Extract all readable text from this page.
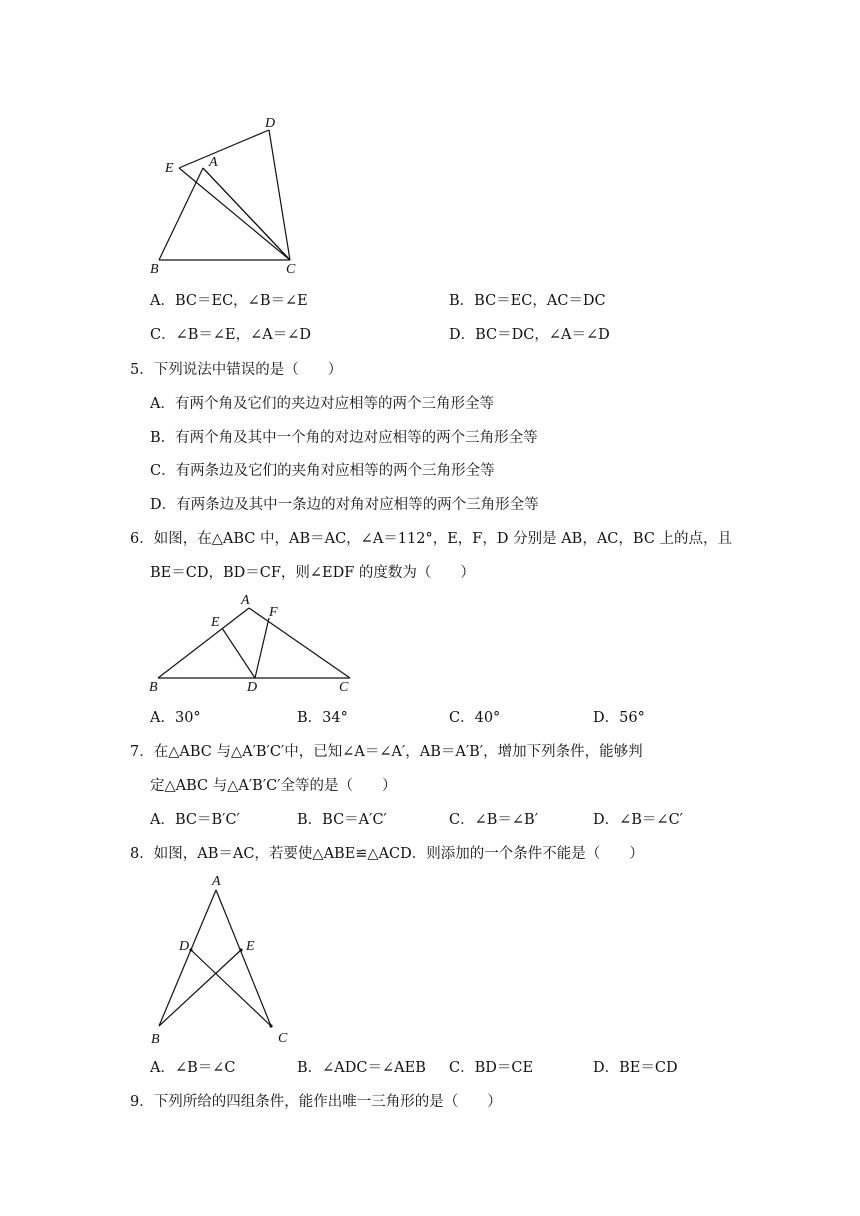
D
E	A
B	C
A．BC＝EC，∠B＝∠E	B．BC＝EC，AC＝DC
C．∠B＝∠E，∠A＝∠D	D．BC＝DC，∠A＝∠D
5．下列说法中错误的是（　　）
A．有两个角及它们的夹边对应相等的两个三角形全等
B．有两个角及其中一个角的对边对应相等的两个三角形全等
C．有两条边及它们的夹角对应相等的两个三角形全等
D．有两条边及其中一条边的对角对应相等的两个三角形全等
6．如图，在△ABC 中，AB＝AC，∠A＝112°，E，F，D 分别是 AB，AC，BC 上的点，且
BE＝CD，BD＝CF，则∠EDF 的度数为（　　）
A
F
E
B	D	C
A．30°	B．34°	C．40°	D．56°
7．在△ABC 与△A′B′C′中，已知∠A＝∠A′，AB＝A′B′，增加下列条件，能够判
定△ABC 与△A′B′C′全等的是（　　）
A．BC＝B′C′	B．BC＝A′C′	C．∠B＝∠B′	D．∠B＝∠C′
8．如图，AB＝AC，若要使△ABE≌△ACD．则添加的一个条件不能是（　　）
A
D	E
B	C
A．∠B＝∠C	B．∠ADC＝∠AEB C．BD＝CE	D．BE＝CD
9．下列所给的四组条件，能作出唯一三角形的是（　　）
